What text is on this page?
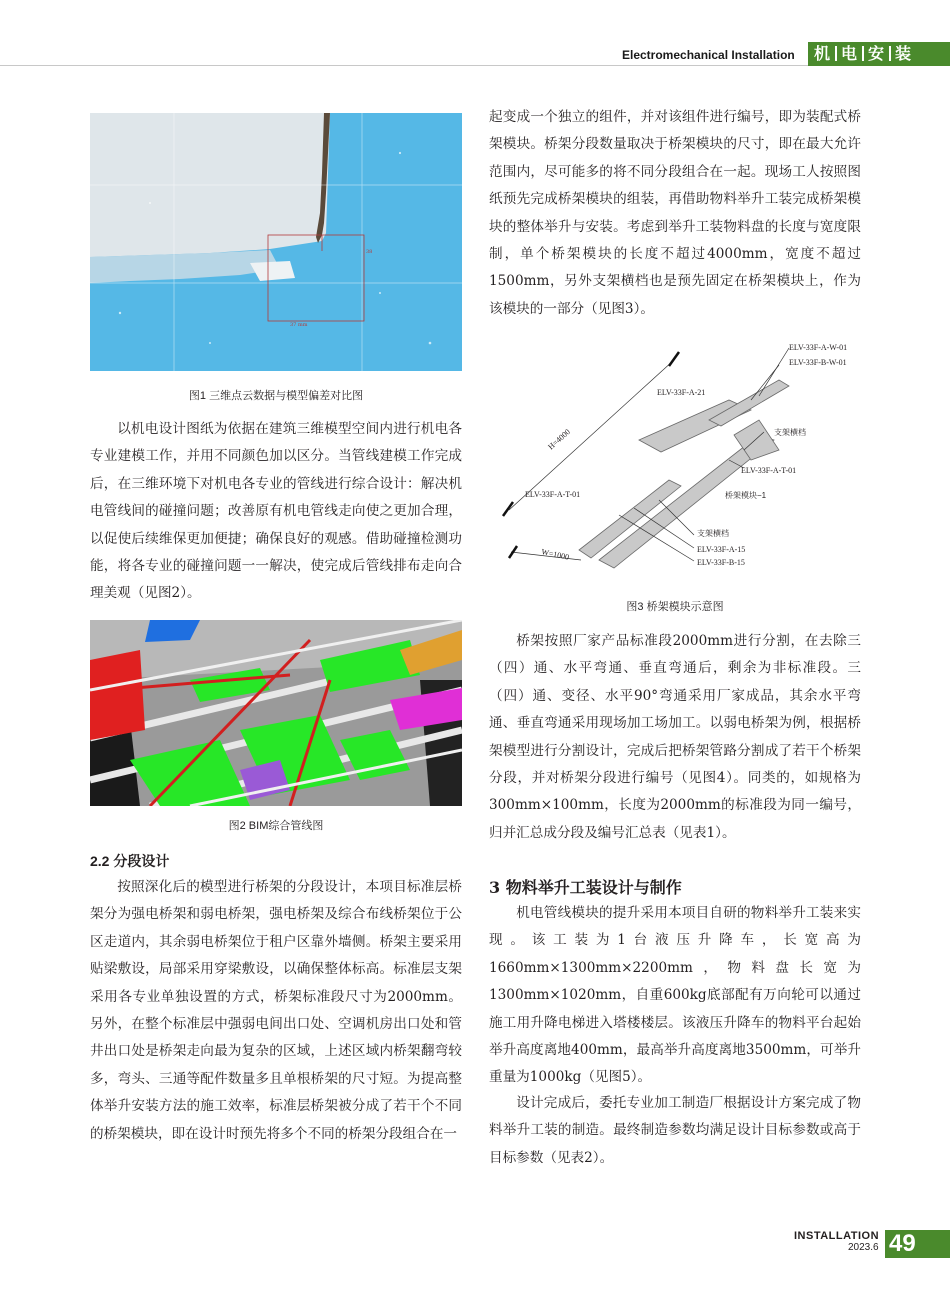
Electromechanical Installation	机 电 安 装
38
37 mm
图1 三维点云数据与模型偏差对比图

以机电设计图纸为依据在建筑三维模型空间内进行机电各专业建模工作，并用不同颜色加以区分。当管线建模工作完成后，在三维环境下对机电各专业的管线进行综合设计：解决机电管线间的碰撞问题；改善原有机电管线走向使之更加合理，以促使后续维保更加便捷；确保良好的观感。借助碰撞检测功能，将各专业的碰撞问题一一解决，使完成后管线排布走向合理美观（见图2）。

图2 BIM综合管线图
2.2 分段设计

按照深化后的模型进行桥架的分段设计，本项目标准层桥架分为强电桥架和弱电桥架，强电桥架及综合布线桥架位于公区走道内，其余弱电桥架位于租户区靠外墙侧。桥架主要采用贴梁敷设，局部采用穿梁敷设，以确保整体标高。标准层支架采用各专业单独设置的方式，桥架标准段尺寸为2000mm。另外，在整个标准层中强弱电间出口处、空调机房出口处和管井出口处是桥架走向最为复杂的区域，上述区域内桥架翻弯较多，弯头、三通等配件数量多且单根桥架的尺寸短。为提高整体举升安装方法的施工效率，标准层桥架被分成了若干个不同的桥架模块，即在设计时预先将多个不同的桥架分段组合在一

起变成一个独立的组件，并对该组件进行编号，即为装配式桥架模块。桥架分段数量取决于桥架模块的尺寸，即在最大允许范围内，尽可能多的将不同分段组合在一起。现场工人按照图纸预先完成桥架模块的组装，再借助物料举升工装完成桥架模块的整体举升与安装。考虑到举升工装物料盘的长度与宽度限制，单个桥架模块的长度不超过4000mm，宽度不超过1500mm，另外支架横档也是预先固定在桥架模块上，作为该模块的一部分（见图3）。

ELV-33F-A-W-01
ELV-33F-B-W-01
ELV-33F-A-21
H=4000	支架横档
ELV-33F-A-T-01
ELV-33F-A-T-01	桥架模块−1
支架横档
ELV-33F-A-15
ELV-33F-B-15
W=1000
图3 桥架模块示意图

桥架按照厂家产品标准段2000mm进行分割，在去除三（四）通、水平弯通、垂直弯通后，剩余为非标准段。三（四）通、变径、水平90°弯通采用厂家成品，其余水平弯通、垂直弯通采用现场加工场加工。以弱电桥架为例，根据桥架模型进行分割设计，完成后把桥架管路分割成了若干个桥架分段，并对桥架分段进行编号（见图4）。同类的，如规格为300mm×100mm，长度为2000mm的标准段为同一编号，归并汇总成分段及编号汇总表（见表1）。

3 物料举升工装设计与制作

机电管线模块的提升采用本项目自研的物料举升工装来实现。该工装为1台液压升降车，长宽高为1660mm×1300mm×2200mm，物料盘长宽为1300mm×1020mm，自重600kg底部配有万向轮可以通过施工用升降电梯进入塔楼楼层。该液压升降车的物料平台起始举升高度离地400mm，最高举升高度离地3500mm，可举升重量为1000kg（见图5）。

设计完成后，委托专业加工制造厂根据设计方案完成了物料举升工装的制造。最终制造参数均满足设计目标参数或高于目标参数（见表2）。

INSTALLATION
2023.6 49
